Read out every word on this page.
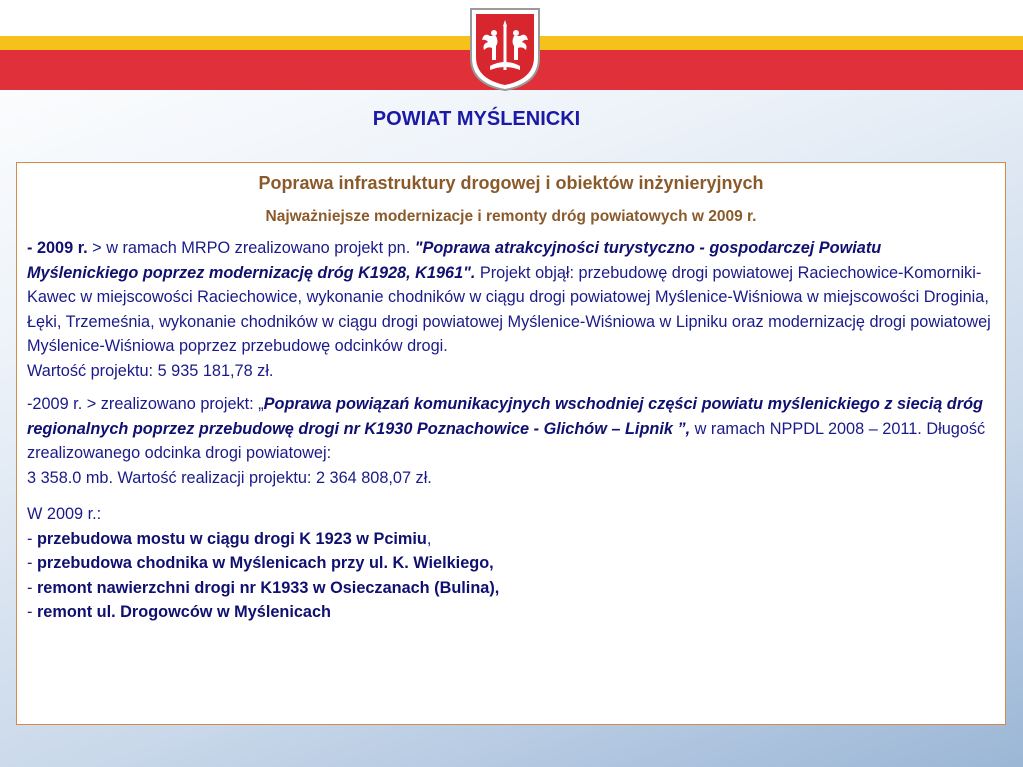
POWIAT MYŚLENICKI

Poprawa infrastruktury drogowej i obiektów inżynieryjnych

Najważniejsze modernizacje i remonty dróg powiatowych w 2009 r.

- 2009 r. > w ramach MRPO zrealizowano projekt pn. "Poprawa atrakcyjności turystyczno - gospodarczej Powiatu Myślenickiego poprzez modernizację dróg K1928, K1961". Projekt objął: przebudowę drogi powiatowej Raciechowice-Komorniki-Kawec w miejscowości Raciechowice, wykonanie chodników w ciągu drogi powiatowej Myślenice-Wiśniowa w miejscowości Droginia, Łęki, Trzemeśnia, wykonanie chodników w ciągu drogi powiatowej Myślenice-Wiśniowa w Lipniku oraz modernizację drogi powiatowej Myślenice-Wiśniowa poprzez przebudowę odcinków drogi.
Wartość projektu: 5 935 181,78 zł.

-2009 r. > zrealizowano projekt: „Poprawa powiązań komunikacyjnych wschodniej części powiatu myślenickiego z siecią dróg regionalnych poprzez przebudowę drogi nr K1930 Poznachowice - Glichów – Lipnik ”, w ramach NPPDL 2008 – 2011. Długość zrealizowanego odcinka drogi powiatowej:
3 358.0 mb. Wartość realizacji projektu: 2 364 808,07 zł.

W 2009 r.:
- przebudowa mostu w ciągu drogi K 1923 w Pcimiu,
- przebudowa chodnika w Myślenicach przy ul. K. Wielkiego,
- remont nawierzchni drogi nr K1933 w Osieczanach (Bulina),
- remont ul. Drogowców w Myślenicach
